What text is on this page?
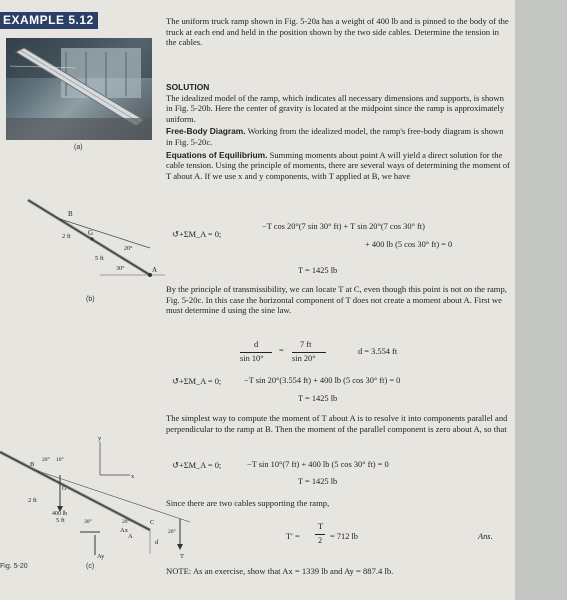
EXAMPLE 5.12
(a)
B
G
A
2 ft
5 ft
20°
30°
(b)
y
x
B
G
Ay
Ax
A
C
T
d
2 ft
5 ft
400 lb
20° 10°
30°	20°
20°
Fig. 5-20	(c)

The uniform truck ramp shown in Fig. 5-20a has a weight of 400 lb and is pinned to the body of the truck at each end and held in the position shown by the two side cables. Determine the tension in the cables.

SOLUTION

The idealized model of the ramp, which indicates all necessary dimensions and supports, is shown in Fig. 5-20b. Here the center of gravity is located at the midpoint since the ramp is approximately uniform.

Free-Body Diagram. Working from the idealized model, the ramp's free-body diagram is shown in Fig. 5-20c.

Equations of Equilibrium. Summing moments about point A will yield a direct solution for the cable tension. Using the principle of moments, there are several ways of determining the moment of T about A. If we use x and y components, with T applied at B, we have

↺+ΣM_A = 0;
−T cos 20°(7 sin 30° ft) + T sin 20°(7 cos 30° ft)
+ 400 lb (5 cos 30° ft) = 0
T = 1425 lb

By the principle of transmissibility, we can locate T at C, even though this point is not on the ramp, Fig. 5-20c. In this case the horizontal component of T does not create a moment about A. First we must determine d using the sine law.

d
sin 10°
=
7 ft
sin 20°
d = 3.554 ft
↺+ΣM_A = 0;	−T sin 20°(3.554 ft) + 400 lb (5 cos 30° ft) = 0
T = 1425 lb

The simplest way to compute the moment of T about A is to resolve it into components parallel and perpendicular to the ramp at B. Then the moment of the parallel component is zero about A, so that

↺+ΣM_A = 0;	−T sin 10°(7 ft) + 400 lb (5 cos 30° ft) = 0
T = 1425 lb

Since there are two cables supporting the ramp,

T′ =
T
2 = 712 lb	Ans.

NOTE: As an exercise, show that Ax = 1339 lb and Ay = 887.4 lb.
